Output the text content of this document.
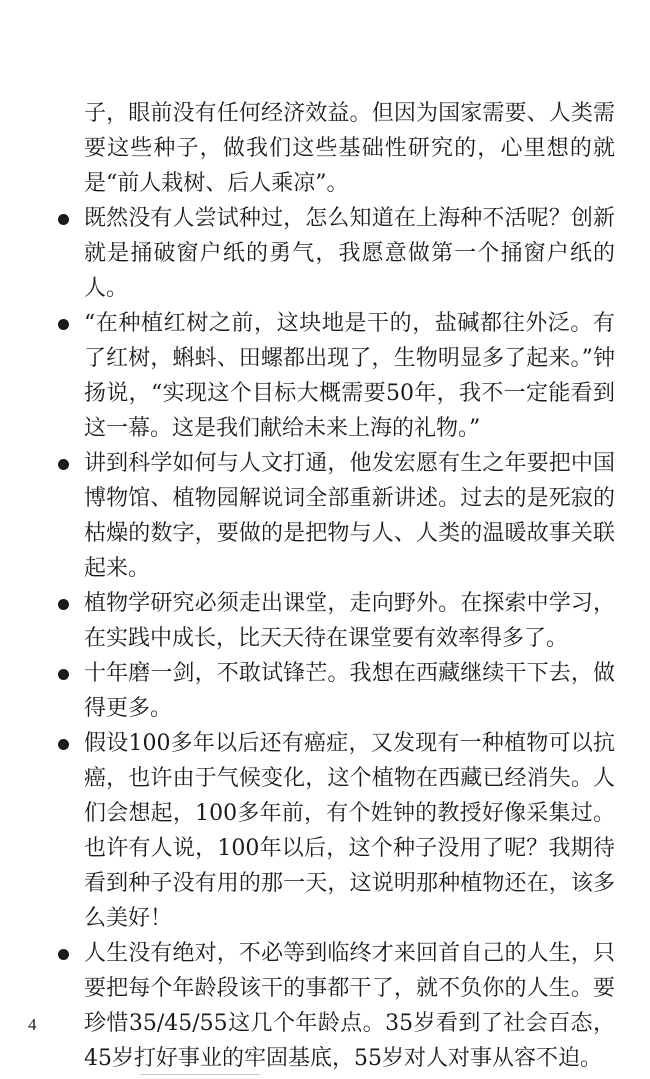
子，眼前没有任何经济效益。但因为国家需要、人类需要这些种子，做我们这些基础性研究的，心里想的就是“前人栽树、后人乘凉”。

既然没有人尝试种过，怎么知道在上海种不活呢？创新就是捅破窗户纸的勇气，我愿意做第一个捅窗户纸的人。

“在种植红树之前，这块地是干的，盐碱都往外泛。有了红树，蝌蚪、田螺都出现了，生物明显多了起来。”钟扬说，“实现这个目标大概需要50年，我不一定能看到这一幕。这是我们献给未来上海的礼物。”

讲到科学如何与人文打通，他发宏愿有生之年要把中国博物馆、植物园解说词全部重新讲述。过去的是死寂的枯燥的数字，要做的是把物与人、人类的温暖故事关联起来。

植物学研究必须走出课堂，走向野外。在探索中学习，在实践中成长，比天天待在课堂要有效率得多了。

十年磨一剑，不敢试锋芒。我想在西藏继续干下去，做得更多。

假设100多年以后还有癌症，又发现有一种植物可以抗癌，也许由于气候变化，这个植物在西藏已经消失。人们会想起，100多年前，有个姓钟的教授好像采集过。也许有人说，100年以后，这个种子没用了呢？我期待看到种子没有用的那一天，这说明那种植物还在，该多么美好！

人生没有绝对，不必等到临终才来回首自己的人生，只要把每个年龄段该干的事都干了，就不负你的人生。要珍惜35/45/55这几个年龄点。35岁看到了社会百态，45岁打好事业的牢固基底，55岁对人对事从容不迫。

4
